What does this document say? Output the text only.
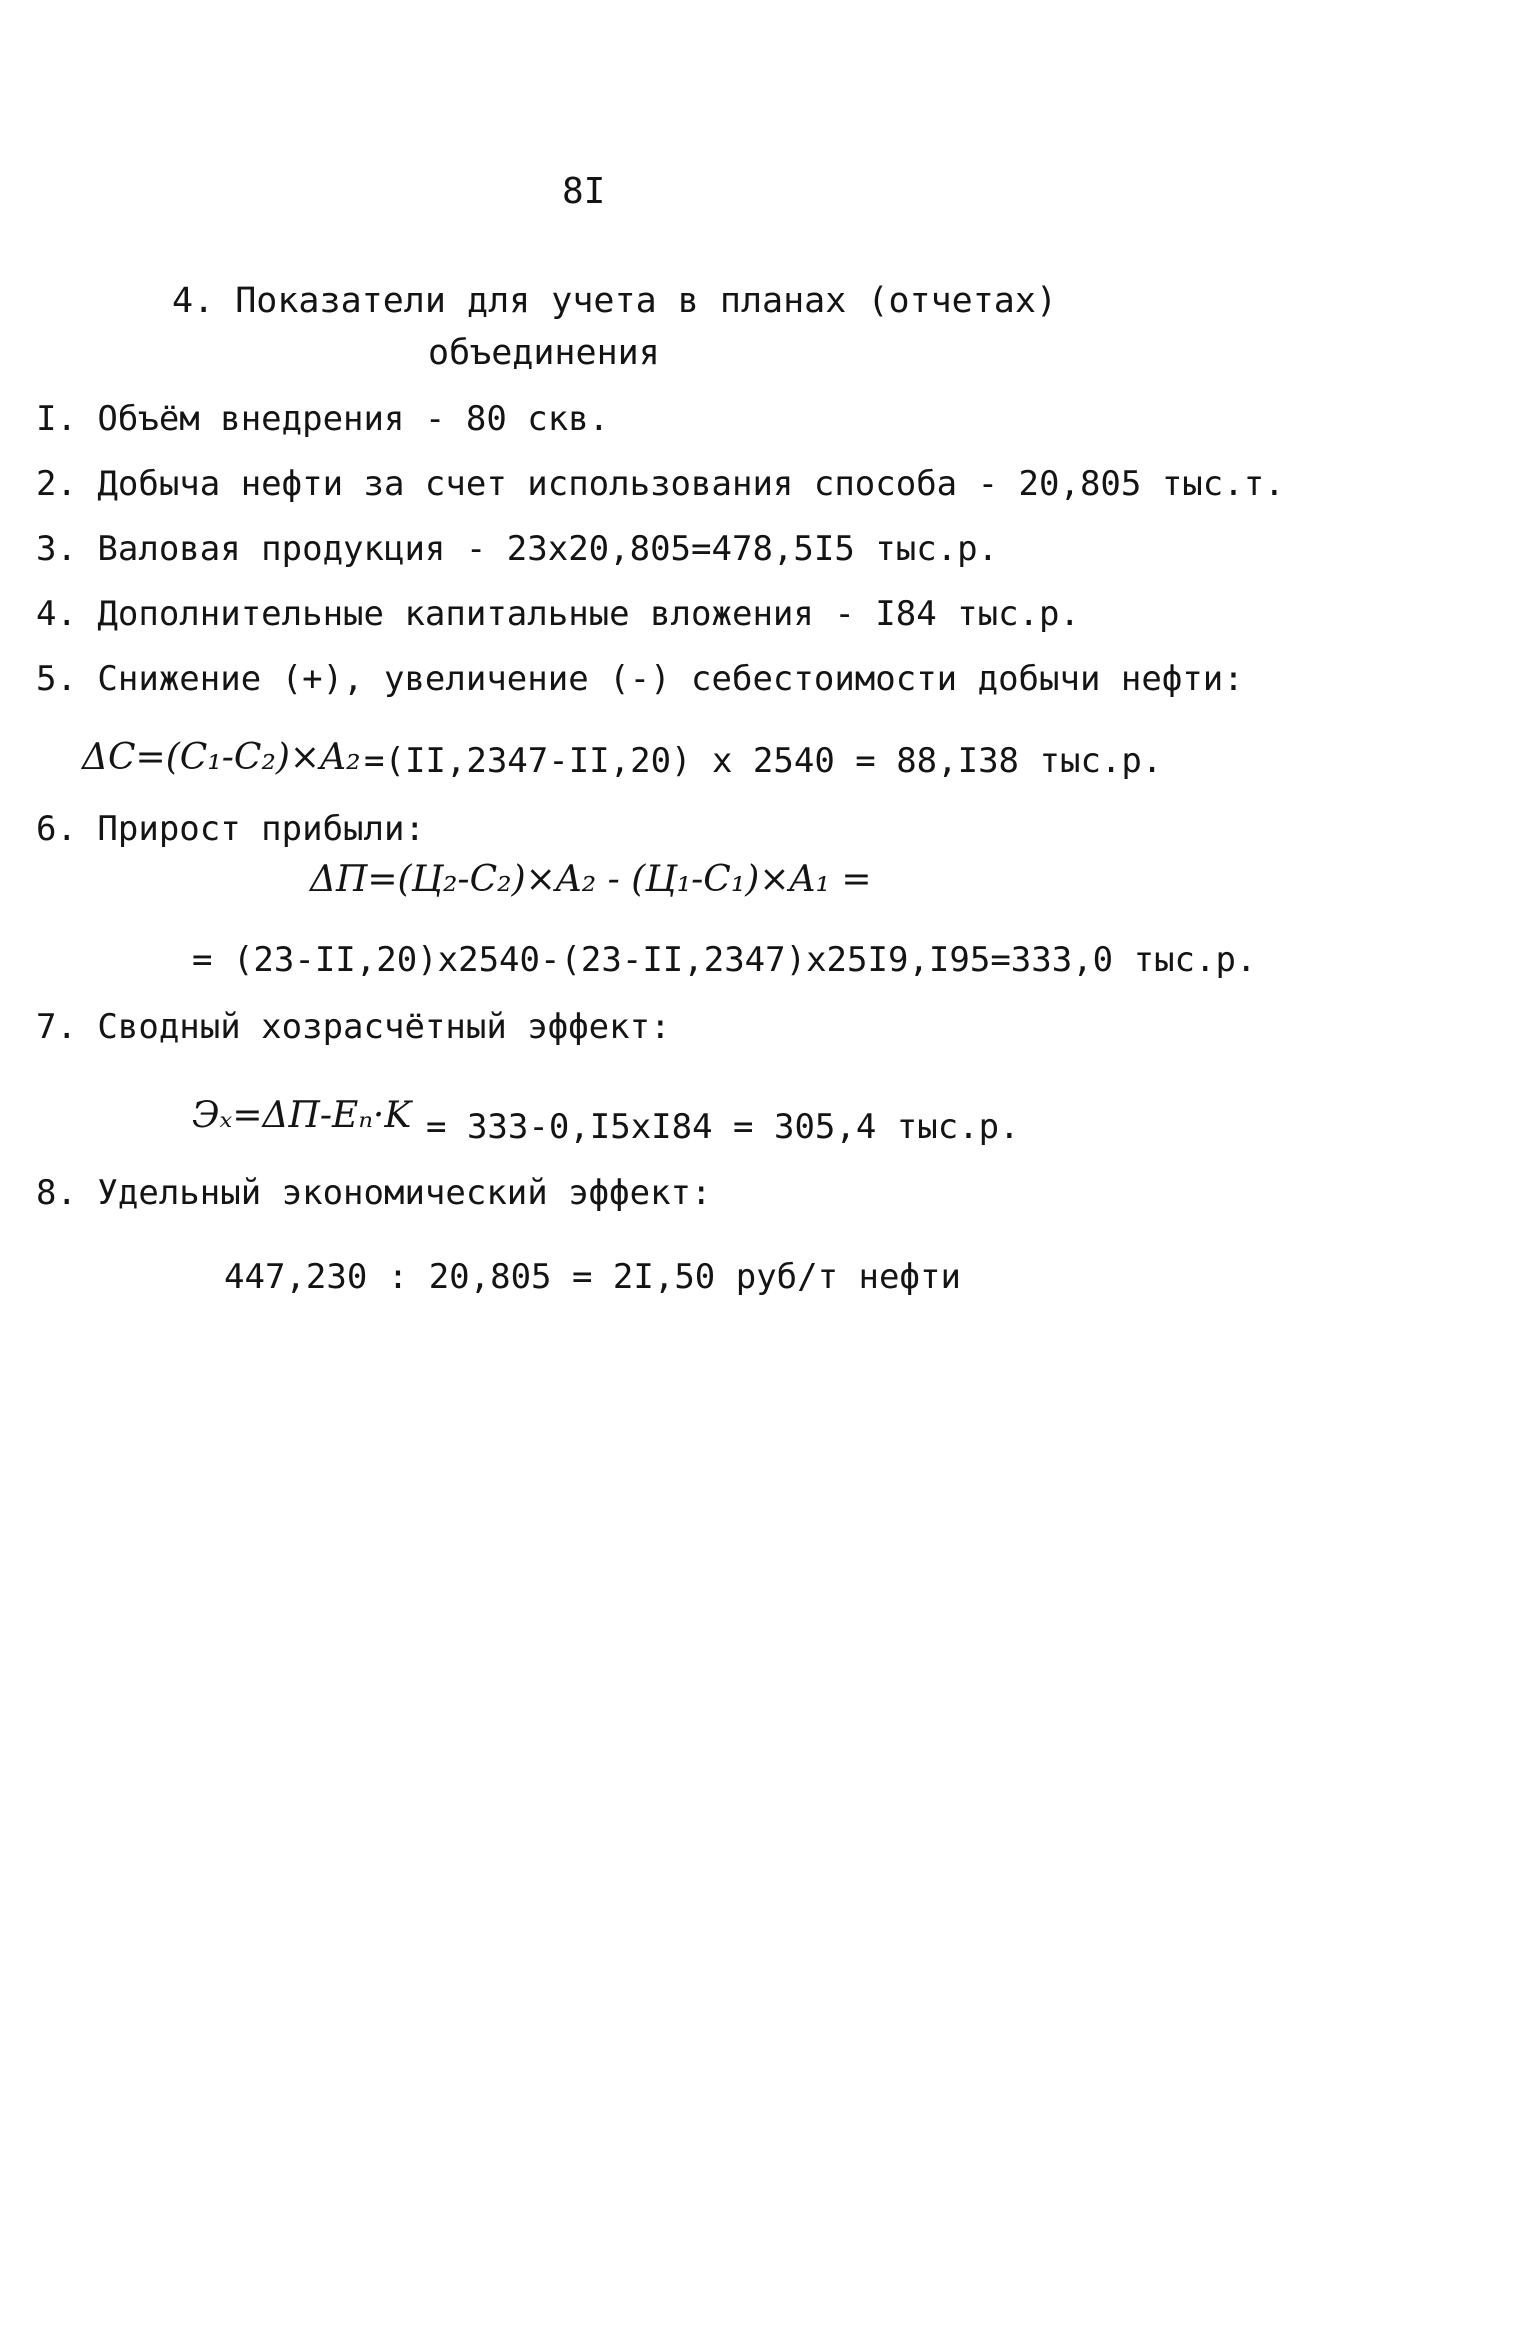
8I
4. Показатели для учета в планах (отчетах)
объединения
I. Объём внедрения - 80 скв.
2. Добыча нефти за счет использования способа - 20,805 тыс.т.
3. Валовая продукция - 23х20,805=478,5I5 тыс.р.
4. Дополнительные капитальные вложения - I84 тыс.р.
5. Снижение (+), увеличение (-) себестоимости добычи нефти:
ΔC=(C₁-C₂)×A₂ =(II,2347-II,20) x 2540 = 88,I38 тыс.р.
6. Прирост прибыли:
ΔП=(Ц₂-C₂)×A₂ - (Ц₁-C₁)×A₁ =
= (23-II,20)x2540-(23-II,2347)x25I9,I95=333,0 тыс.р.
7. Сводный хозрасчётный эффект:
Эₓ=ΔП-Eₙ·K = 333-0,I5xI84 = 305,4 тыс.р.
8. Удельный экономический эффект:
447,230 : 20,805 = 2I,50 руб/т нефти
